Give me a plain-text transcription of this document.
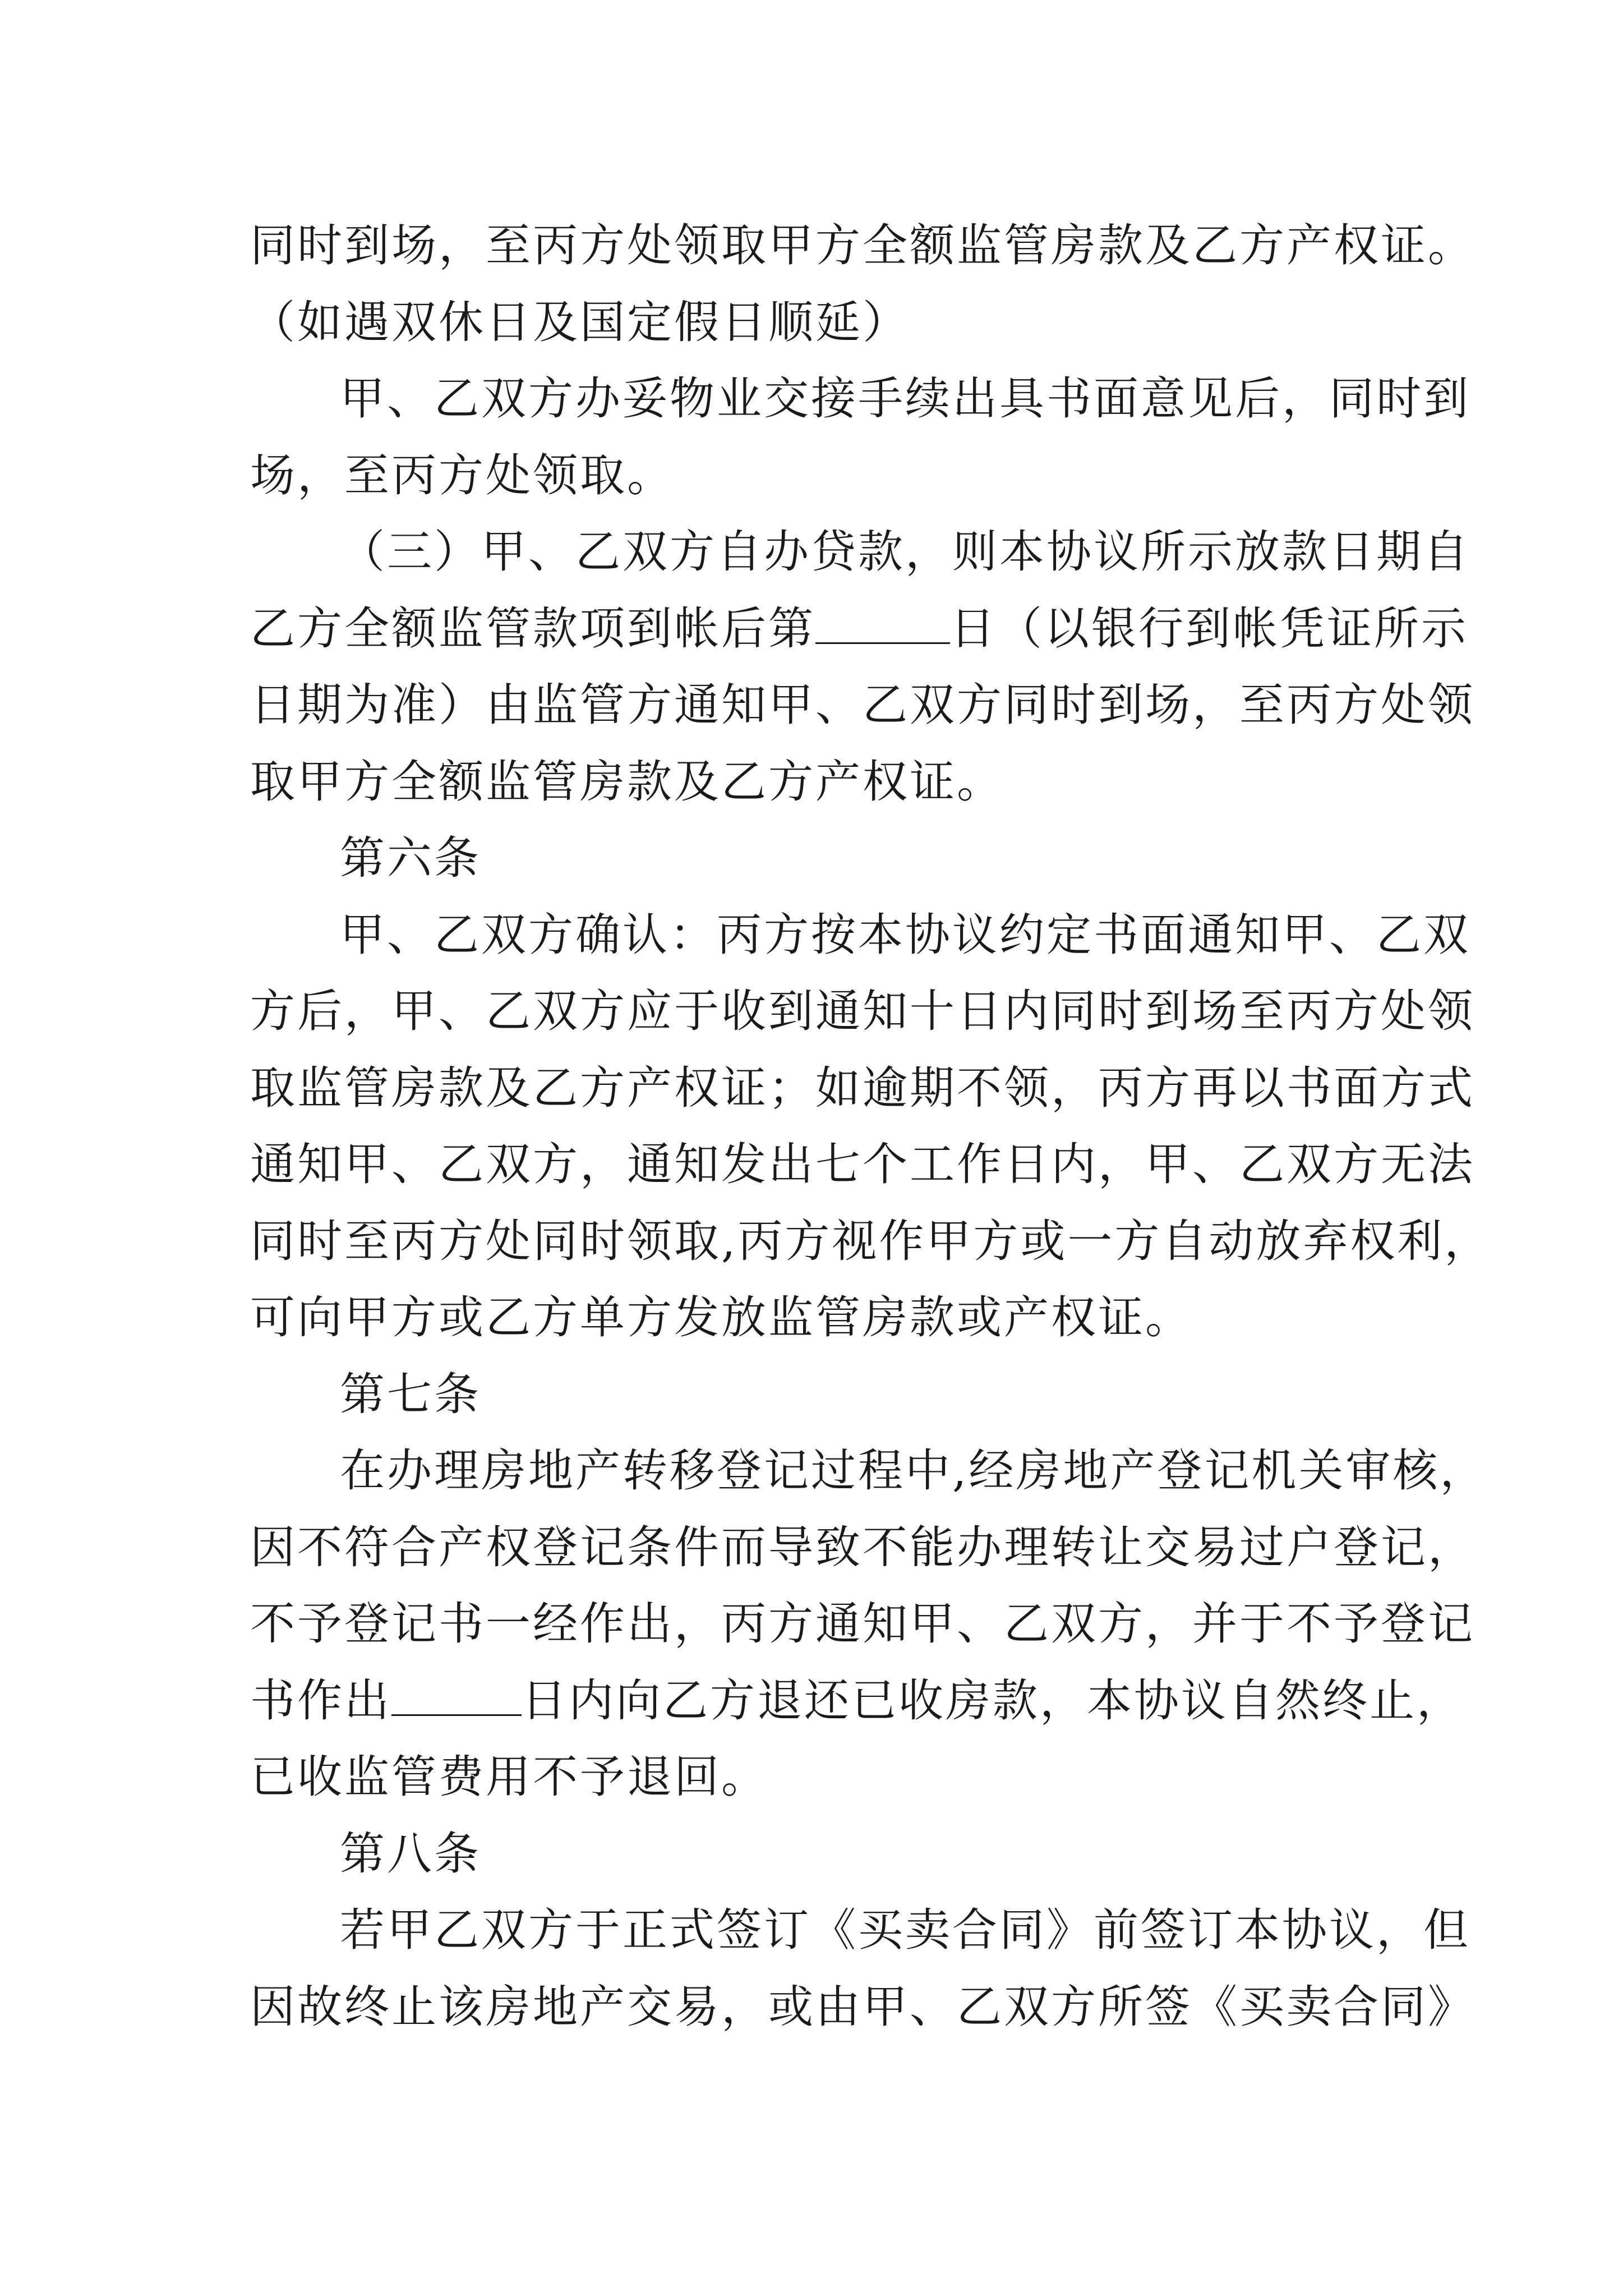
同时到场，至丙方处领取甲方全额监管房款及乙方产权证。
（如遇双休日及国定假日顺延）
甲、乙双方办妥物业交接手续出具书面意见后，同时到
场，至丙方处领取。
（三）甲、乙双方自办贷款，则本协议所示放款日期自
乙方全额监管款项到帐后第	日（以银行到帐凭证所示
日期为准）由监管方通知甲、乙双方同时到场，至丙方处领
取甲方全额监管房款及乙方产权证。
第六条
甲、乙双方确认：丙方按本协议约定书面通知甲、乙双
方后，甲、乙双方应于收到通知十日内同时到场至丙方处领
取监管房款及乙方产权证；如逾期不领，丙方再以书面方式
通知甲、乙双方，通知发出七个工作日内，甲、乙双方无法
同时至丙方处同时领取,丙方视作甲方或一方自动放弃权利，
可向甲方或乙方单方发放监管房款或产权证。
第七条
在办理房地产转移登记过程中,经房地产登记机关审核，
因不符合产权登记条件而导致不能办理转让交易过户登记，
不予登记书一经作出，丙方通知甲、乙双方，并于不予登记
书作出	日内向乙方退还已收房款，本协议自然终止，
已收监管费用不予退回。
第八条
若甲乙双方于正式签订《买卖合同》前签订本协议，但
因故终止该房地产交易，或由甲、乙双方所签《买卖合同》
